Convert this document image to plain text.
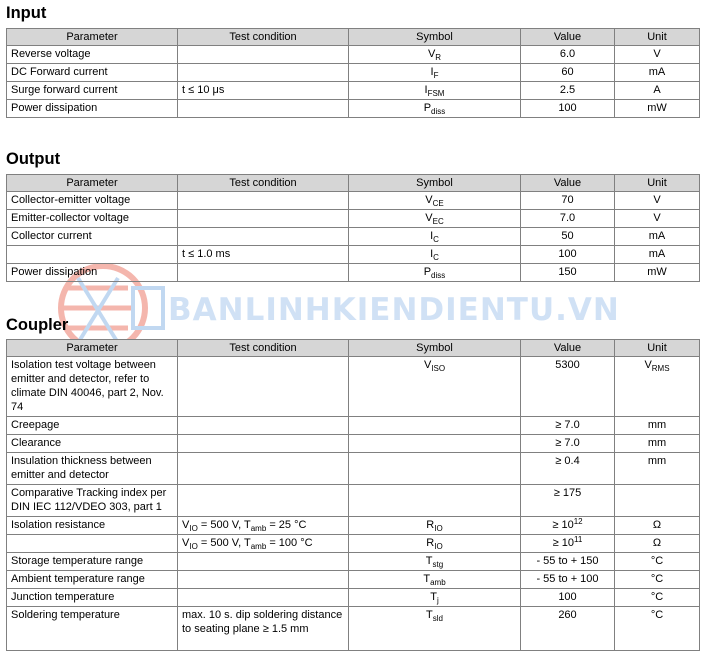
BANLINHKIENDIENTU.VN
Input
Parameter	Test condition	Symbol	Value	Unit
Reverse voltage		$V_R$	6.0	V
DC Forward current		$I_F$	60	mA
Surge forward current	t ≤ 10 μs	$I_{FSM}$	2.5	A
Power dissipation		$P_{diss}$	100	mW
Output
Parameter	Test condition	Symbol	Value	Unit
Collector-emitter voltage		$V_{CE}$	70	V
Emitter-collector voltage		$V_{EC}$	7.0	V
Collector current		$I_C$	50	mA
	t ≤ 1.0 ms	$I_C$	100	mA
Power dissipation		$P_{diss}$	150	mW
Coupler
Parameter	Test condition	Symbol	Value	Unit
Isolation test voltage between emitter and detector, refer to climate DIN 40046, part 2, Nov. 74		$V_{ISO}$	5300	$V_{RMS}$
Creepage			≥ 7.0	mm
Clearance			≥ 7.0	mm
Insulation thickness between emitter and detector			≥ 0.4	mm
Comparative Tracking index per DIN IEC 112/VDEO 303, part 1			≥ 175	
Isolation resistance	$V_{IO} = 500$ V, $T_{amb} = 25$ °C	$R_{IO}$	≥ $10^{12}$	Ω
	$V_{IO} = 500$ V, $T_{amb} = 100$ °C	$R_{IO}$	≥ $10^{11}$	Ω
Storage temperature range		$T_{stg}$	- 55 to + 150	°C
Ambient temperature range		$T_{amb}$	- 55 to + 100	°C
Junction temperature		$T_j$	100	°C
Soldering temperature	max. 10 s. dip soldering distance to seating plane ≥ 1.5 mm	$T_{sld}$	260	°C
